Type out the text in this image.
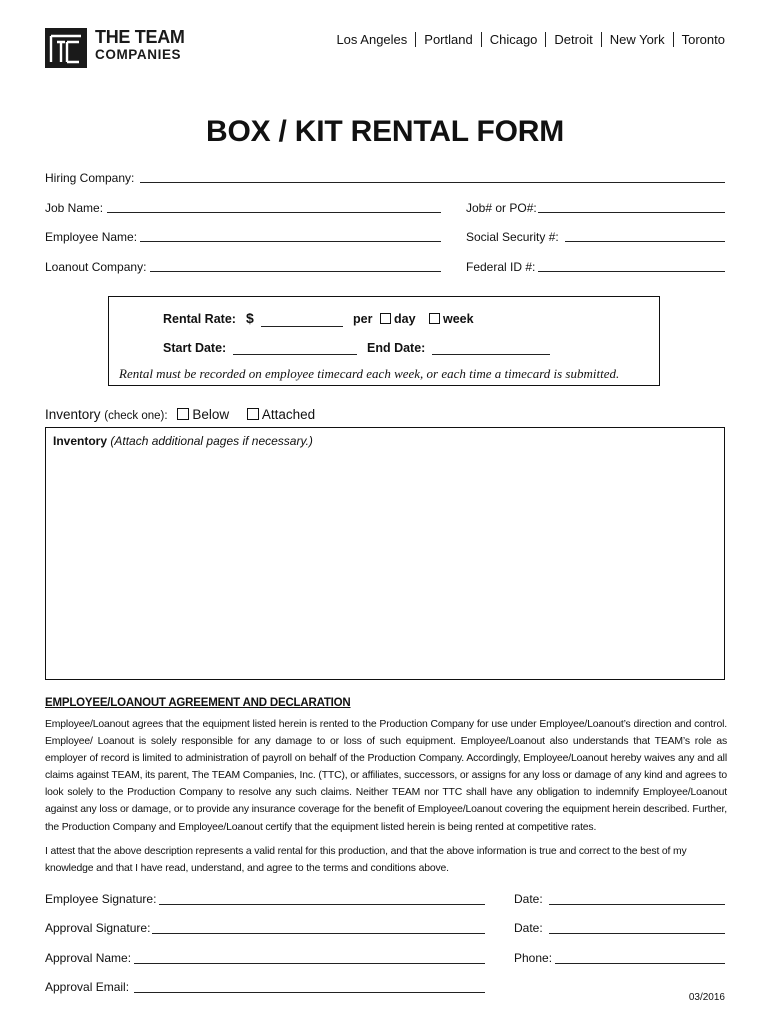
THE TEAM
COMPANIES
Los Angeles Portland Chicago Detroit New York Toronto
BOX / KIT RENTAL FORM
Hiring Company:
Job Name:	Job# or PO#:
Employee Name:	Social Security #:
Loanout Company:	Federal ID #:
Rental Rate: $	per	day	week
Start Date:	End Date:
Rental must be recorded on employee timecard each week, or each time a timecard is submitted.
Inventory (check one): Below Attached
Inventory (Attach additional pages if necessary.)
EMPLOYEE/LOANOUT AGREEMENT AND DECLARATION
Employee/Loanout agrees that the equipment listed herein is rented to the Production Company for use under Employee/Loanout’s direction and control. Employee/ Loanout is solely responsible for any damage to or loss of such equipment. Employee/Loanout also understands that TEAM’s role as employer of record is limited to administration of payroll on behalf of the Production Company. Accordingly, Employee/Loanout hereby waives any and all claims against TEAM, its parent, The TEAM Companies, Inc. (TTC), or affiliates, successors, or assigns for any loss or damage of any kind and agrees to look solely to the Production Company to resolve any such claims. Neither TEAM nor TTC shall have any obligation to indemnify Employee/Loanout against any loss or damage, or to provide any insurance coverage for the benefit of Employee/Loanout covering the equipment herein described. Further, the Production Company and Employee/Loanout certify that the equipment listed herein is being rented at competitive rates.
I attest that the above description represents a valid rental for this production, and that the above information is true and correct to the best of my knowledge and that I have read, understand, and agree to the terms and conditions above.
Employee Signature:	Date:
Approval Signature:	Date:
Approval Name:	Phone:
Approval Email:
03/2016
